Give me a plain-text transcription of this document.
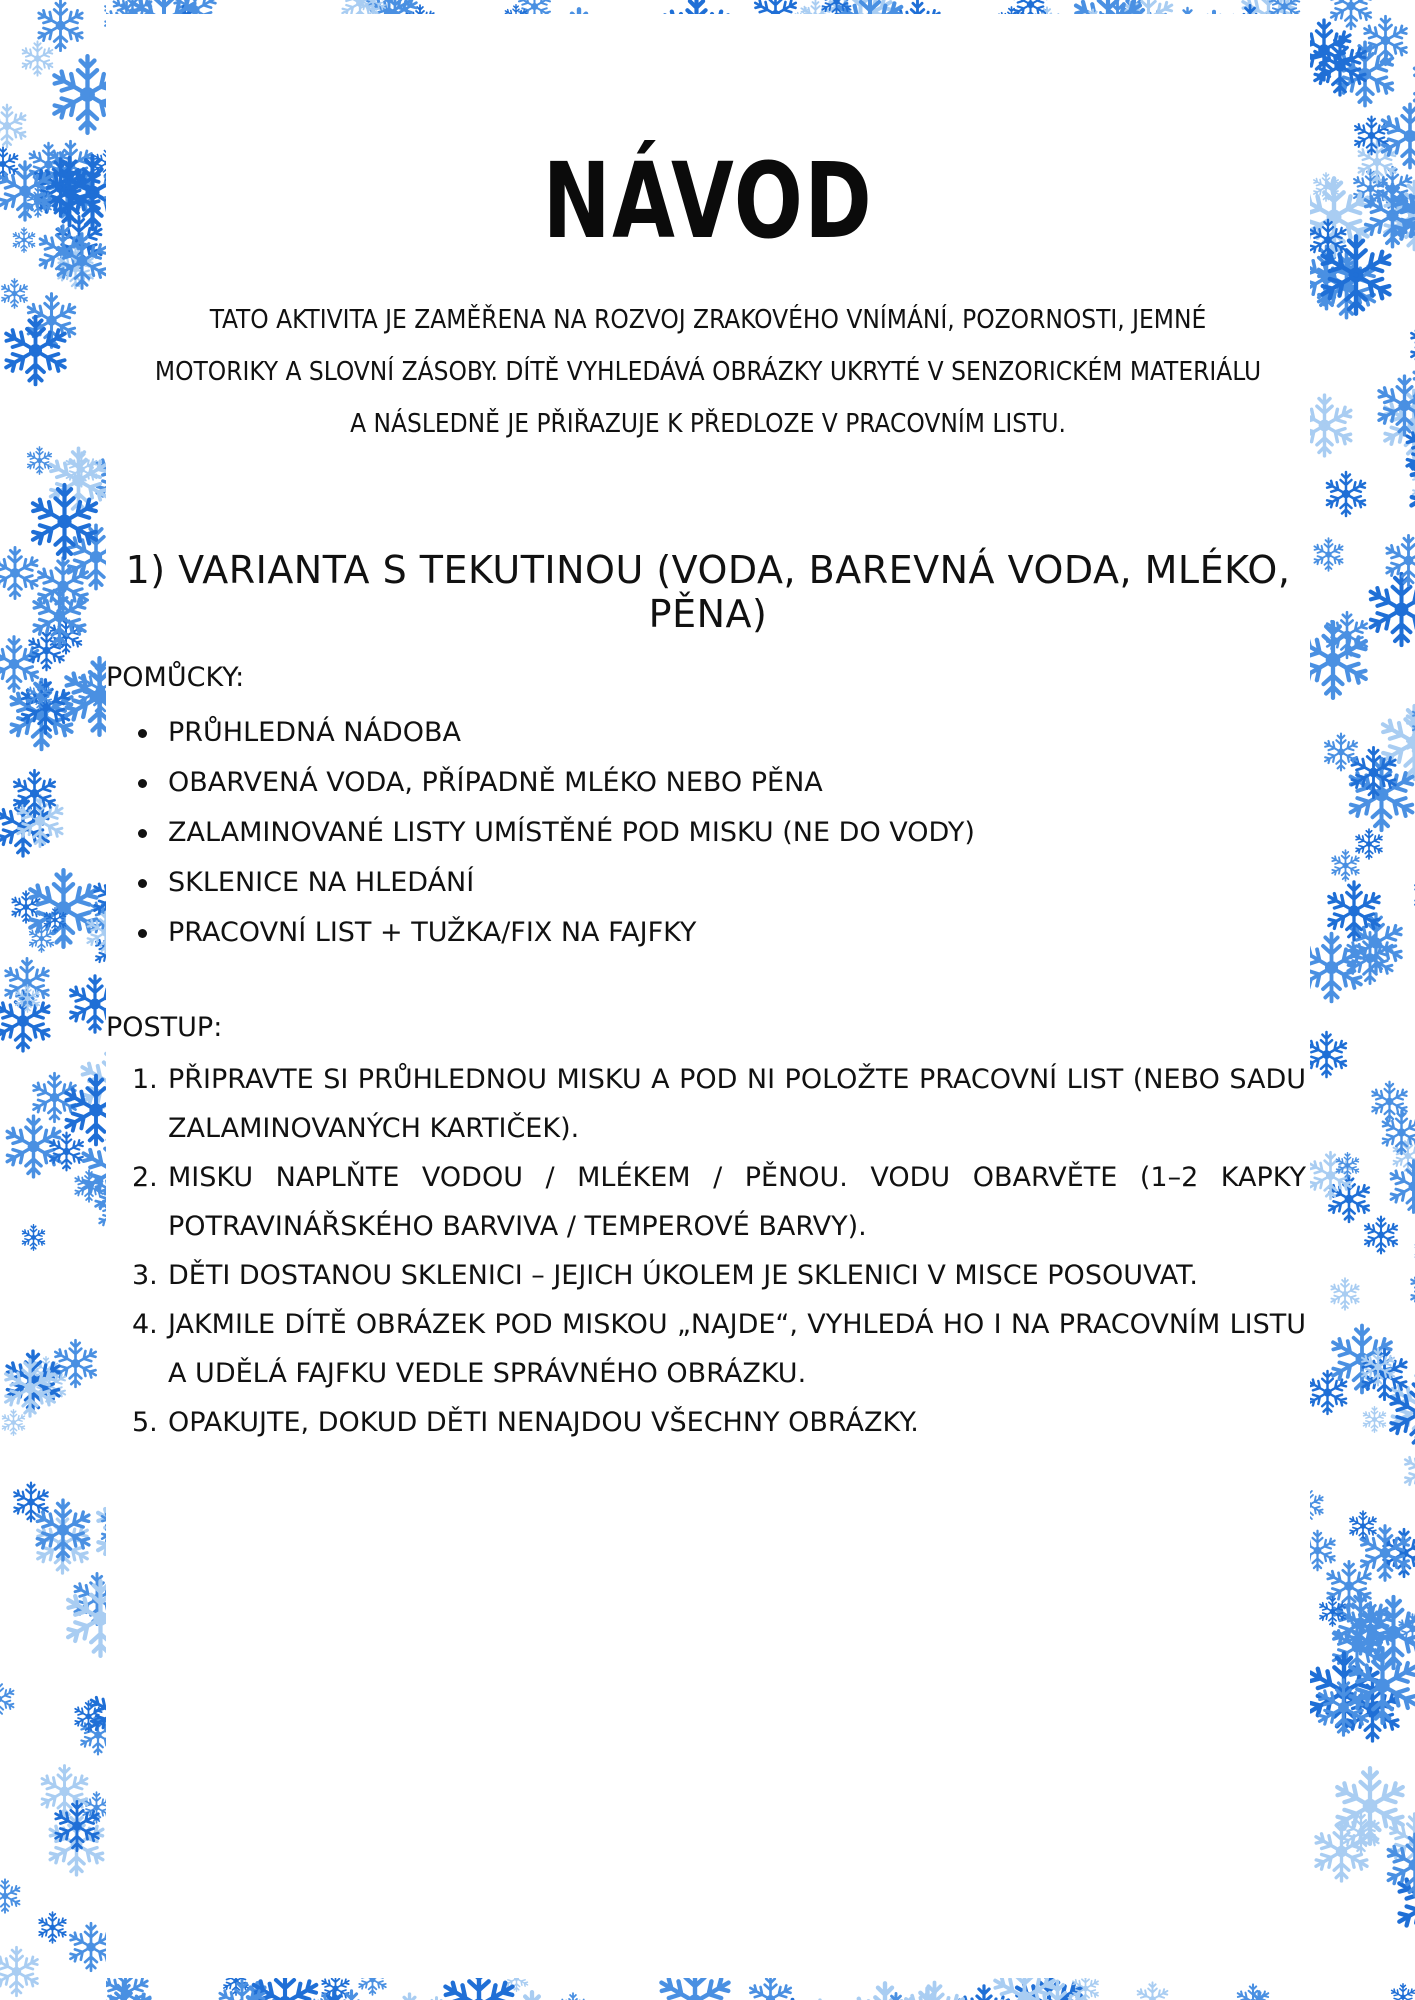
NÁVOD
TATO AKTIVITA JE ZAMĚŘENA NA ROZVOJ ZRAKOVÉHO VNÍMÁNÍ, POZORNOSTI, JEMNÉ
MOTORIKY A SLOVNÍ ZÁSOBY. DÍTĚ VYHLEDÁVÁ OBRÁZKY UKRYTÉ V SENZORICKÉM MATERIÁLU
A NÁSLEDNĚ JE PŘIŘAZUJE K PŘEDLOZE V PRACOVNÍM LISTU.
1) VARIANTA S TEKUTINOU (VODA, BAREVNÁ VODA, MLÉKO, PĚNA)
POMŮCKY:
PRŮHLEDNÁ NÁDOBA
OBARVENÁ VODA, PŘÍPADNĚ MLÉKO NEBO PĚNA
ZALAMINOVANÉ LISTY UMÍSTĚNÉ POD MISKU (NE DO VODY)
SKLENICE NA HLEDÁNÍ
PRACOVNÍ LIST + TUŽKA/FIX NA FAJFKY
POSTUP:
1. PŘIPRAVTE SI PRŮHLEDNOU MISKU A POD NI POLOŽTE PRACOVNÍ LIST (NEBO SADU ZALAMINOVANÝCH KARTIČEK).
2. MISKU NAPLŇTE VODOU / MLÉKEM / PĚNOU. VODU OBARVĚTE (1–2 KAPKY POTRAVINÁŘSKÉHO BARVIVA / TEMPEROVÉ BARVY).
3. DĚTI DOSTANOU SKLENICI – JEJICH ÚKOLEM JE SKLENICI V MISCE POSOUVAT.
4. JAKMILE DÍTĚ OBRÁZEK POD MISKOU „NAJDE“, VYHLEDÁ HO I NA PRACOVNÍM LISTU A UDĚLÁ FAJFKU VEDLE SPRÁVNÉHO OBRÁZKU.
5. OPAKUJTE, DOKUD DĚTI NENAJDOU VŠECHNY OBRÁZKY.
